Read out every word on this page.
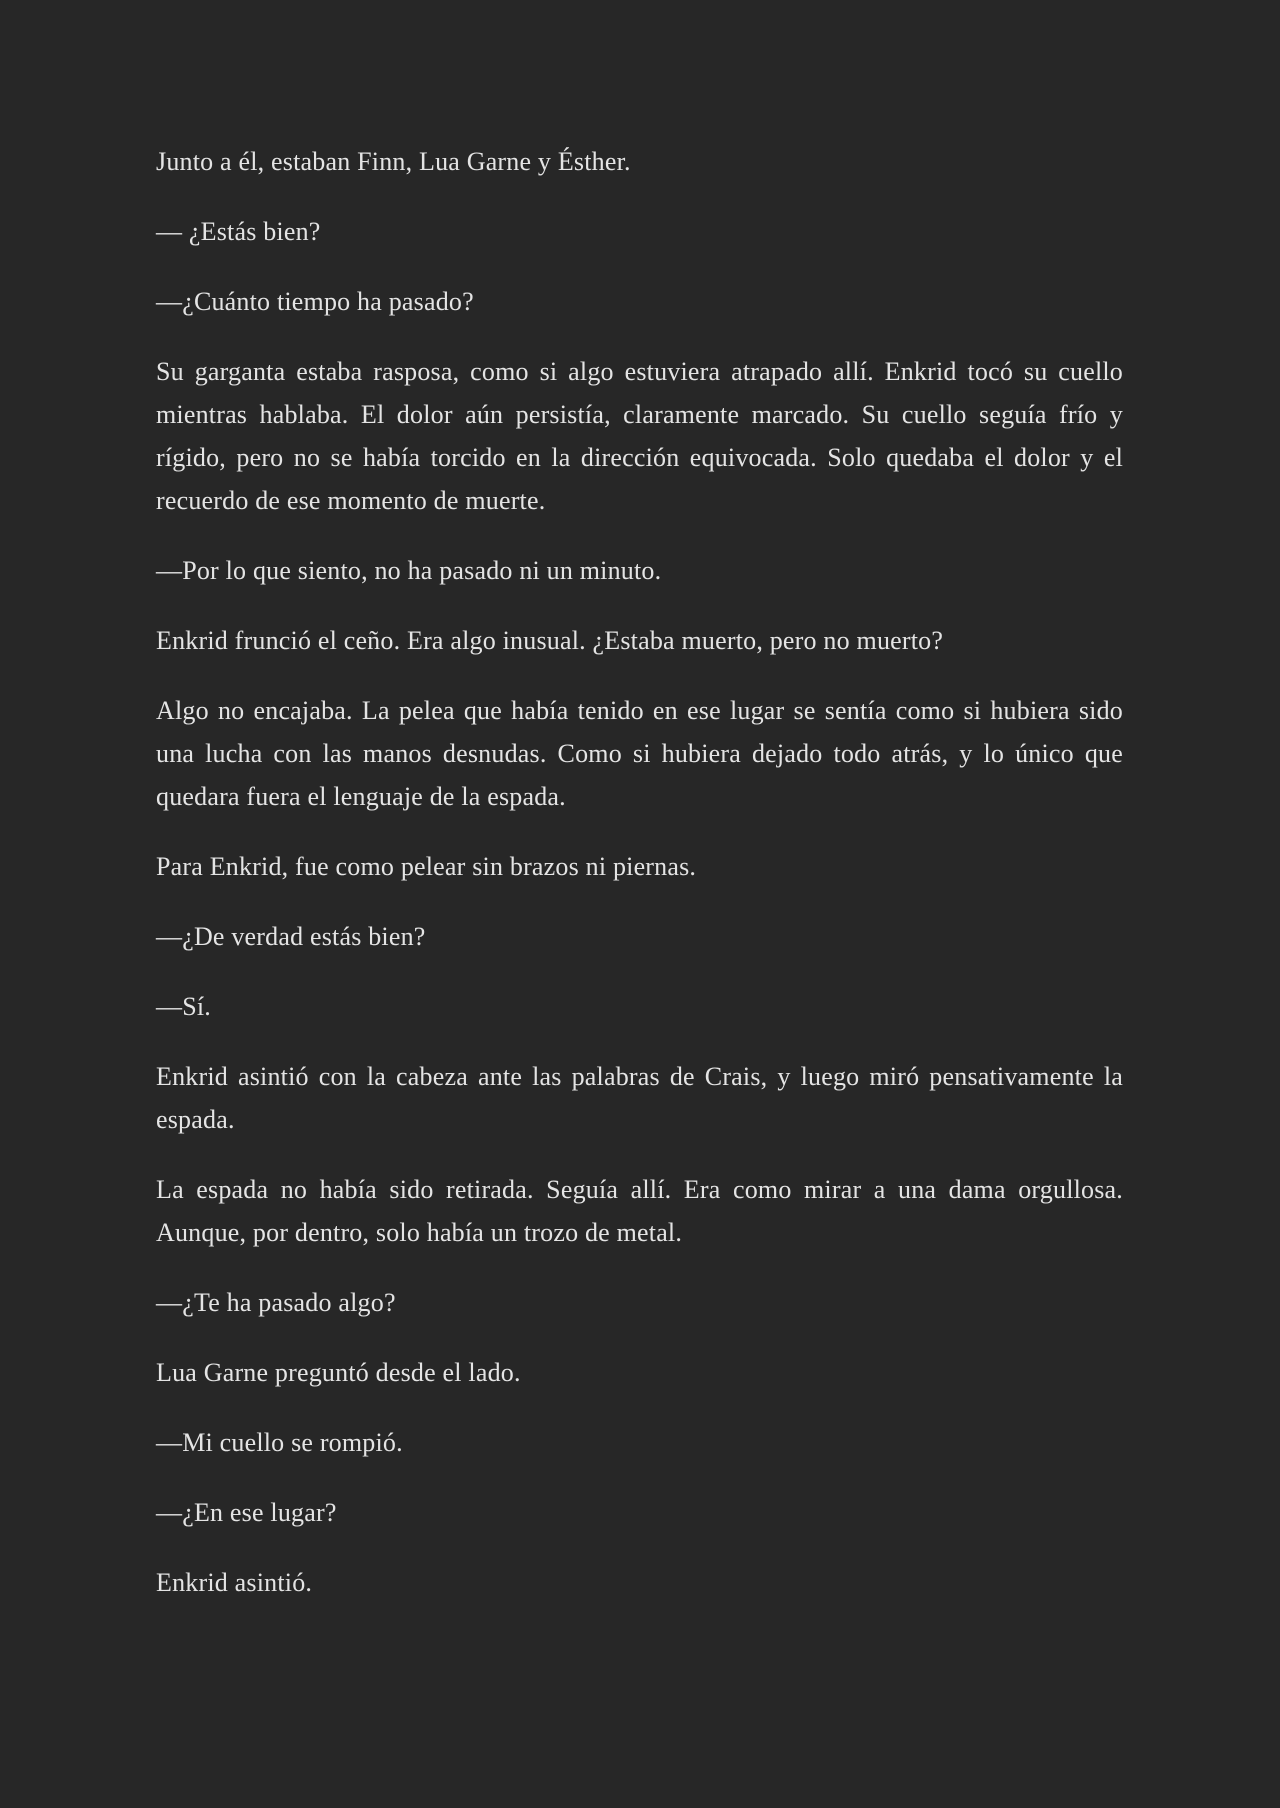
Junto a él, estaban Finn, Lua Garne y Ésther.

— ¿Estás bien?

—¿Cuánto tiempo ha pasado?

Su garganta estaba rasposa, como si algo estuviera atrapado allí. Enkrid tocó su cuello mientras hablaba. El dolor aún persistía, claramente marcado. Su cuello seguía frío y rígido, pero no se había torcido en la dirección equivocada. Solo quedaba el dolor y el recuerdo de ese momento de muerte.

—Por lo que siento, no ha pasado ni un minuto.

Enkrid frunció el ceño. Era algo inusual. ¿Estaba muerto, pero no muerto?

Algo no encajaba. La pelea que había tenido en ese lugar se sentía como si hubiera sido una lucha con las manos desnudas. Como si hubiera dejado todo atrás, y lo único que quedara fuera el lenguaje de la espada.

Para Enkrid, fue como pelear sin brazos ni piernas.

—¿De verdad estás bien?

—Sí.

Enkrid asintió con la cabeza ante las palabras de Crais, y luego miró pensativamente la espada.

La espada no había sido retirada. Seguía allí. Era como mirar a una dama orgullosa. Aunque, por dentro, solo había un trozo de metal.

—¿Te ha pasado algo?

Lua Garne preguntó desde el lado.

—Mi cuello se rompió.

—¿En ese lugar?

Enkrid asintió.
